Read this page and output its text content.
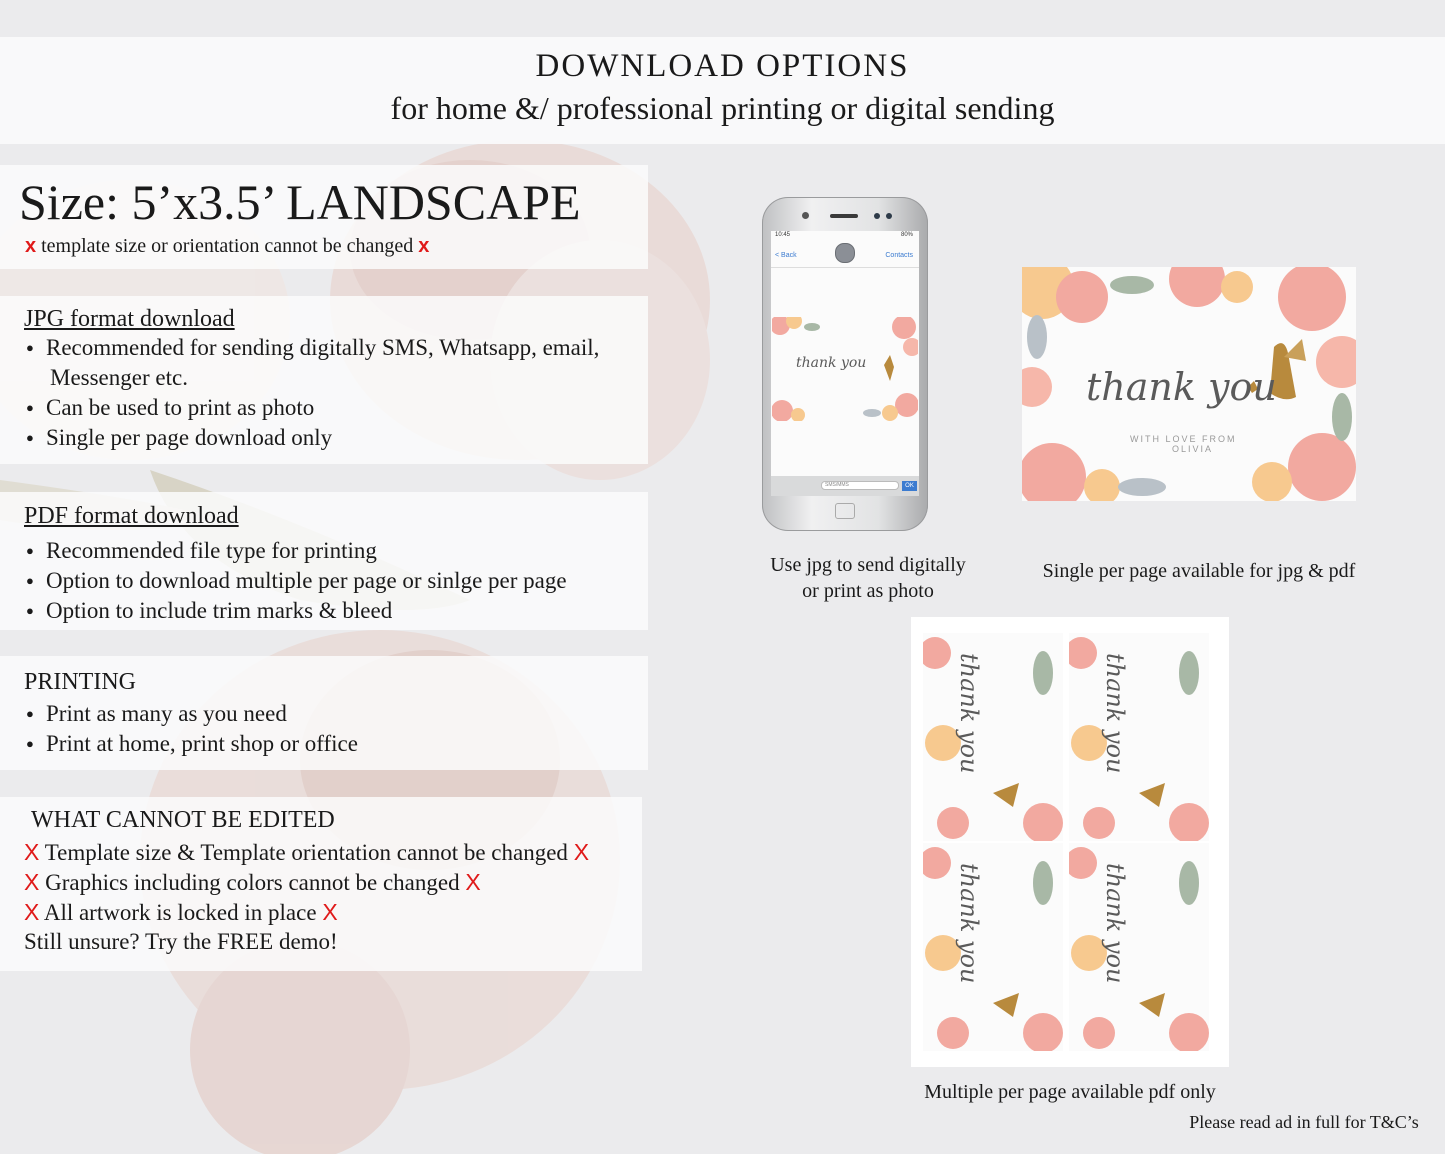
DOWNLOAD OPTIONS
for home &/ professional printing or digital sending
Size: 5’x3.5’ LANDSCAPE
x template size or orientation cannot be changed x
JPG format download
● Recommended for sending digitally SMS, Whatsapp, email,
Messenger etc.
● Can be used to print as photo
● Single per page download only
PDF format download
● Recommended file type for printing
● Option to download multiple per page or sinlge per page
● Option to include trim marks & bleed
PRINTING
● Print as many as you need
● Print at home, print shop or office
WHAT CANNOT BE EDITED
X Template size & Template orientation cannot be changed X
X Graphics including colors cannot be changed X
X All artwork is locked in place X
Still unsure? Try the FREE demo!
10:45	80%
< Back	Contacts
thank you
SMS/MMS	OK
thank you
WITH LOVE FROM
OLIVIA
Use jpg to send digitally
or print as photo
Single per page available for jpg & pdf
thank you	thank you
thank you	thank you
Multiple per page available pdf only
Please read ad in full for T&C’s
